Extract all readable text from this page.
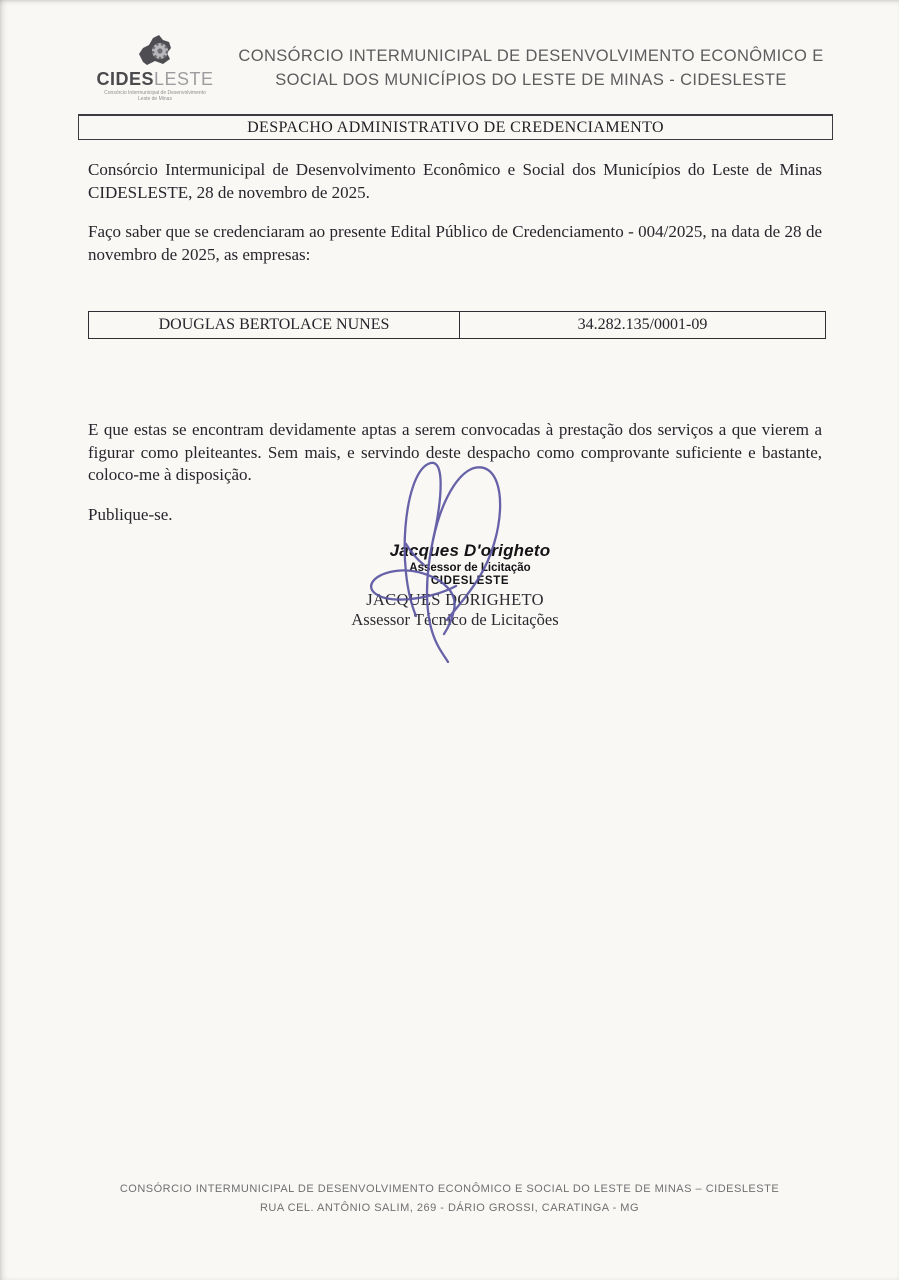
CIDESLESTE
Consórcio Intermunicipal de Desenvolvimento
Leste de Minas
CONSÓRCIO INTERMUNICIPAL DE DESENVOLVIMENTO ECONÔMICO E
SOCIAL DOS MUNICÍPIOS DO LESTE DE MINAS - CIDESLESTE
DESPACHO ADMINISTRATIVO DE CREDENCIAMENTO

Consórcio Intermunicipal de Desenvolvimento Econômico e Social dos Municípios do Leste de Minas CIDESLESTE, 28 de novembro de 2025.

Faço saber que se credenciaram ao presente Edital Público de Credenciamento - 004/2025, na data de 28 de novembro de 2025, as empresas:

DOUGLAS BERTOLACE NUNES	34.282.135/0001-09

E que estas se encontram devidamente aptas a serem convocadas à prestação dos serviços a que vierem a figurar como pleiteantes. Sem mais, e servindo deste despacho como comprovante suficiente e bastante, coloco-me à disposição.

Publique-se.

Jacques D'origheto
Assessor de Licitação
CIDESLESTE
JACQUES DORIGHETO
Assessor Técnico de Licitações
CONSÓRCIO INTERMUNICIPAL DE DESENVOLVIMENTO ECONÔMICO E SOCIAL DO LESTE DE MINAS – CIDESLESTE
RUA CEL. ANTÔNIO SALIM, 269 - DÁRIO GROSSI, CARATINGA - MG
